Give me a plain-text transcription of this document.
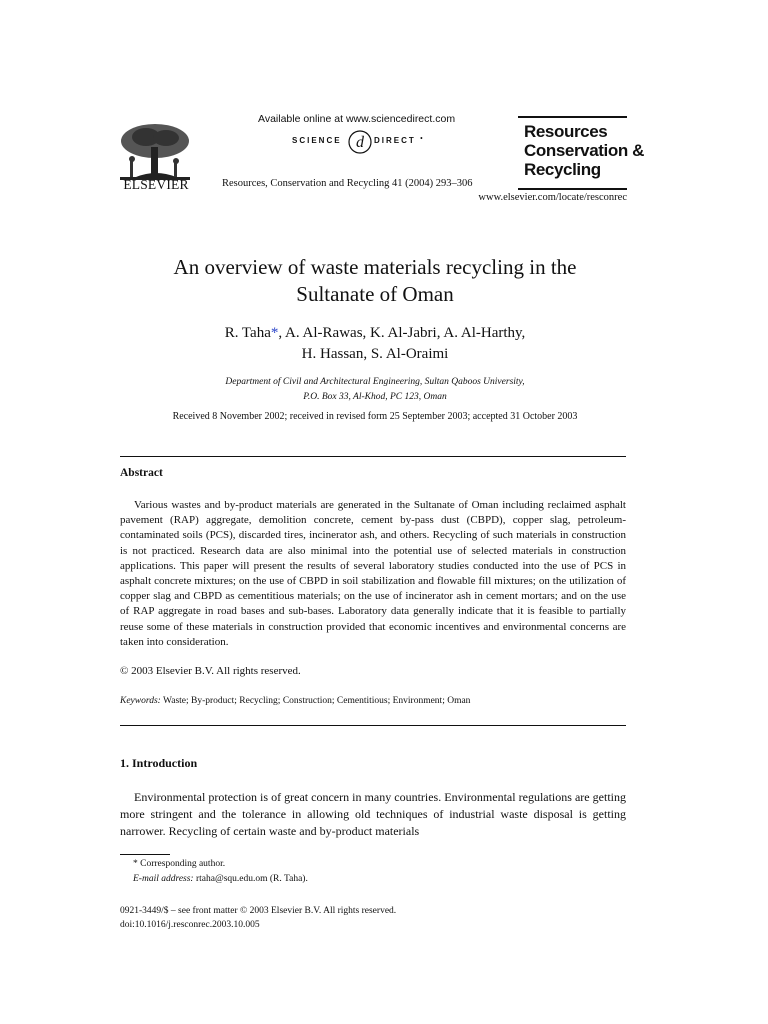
ELSEVIER
Available online at www.sciencedirect.com
d
SCIENCE	DIRECT •
Resources, Conservation and Recycling 41 (2004) 293–306
Resources
Conservation &
Recycling
www.elsevier.com/locate/resconrec
An overview of waste materials recycling in the
Sultanate of Oman
R. Taha*, A. Al-Rawas, K. Al-Jabri, A. Al-Harthy,
H. Hassan, S. Al-Oraimi
Department of Civil and Architectural Engineering, Sultan Qaboos University,
P.O. Box 33, Al-Khod, PC 123, Oman
Received 8 November 2002; received in revised form 25 September 2003; accepted 31 October 2003
Abstract

Various wastes and by-product materials are generated in the Sultanate of Oman including reclaimed asphalt pavement (RAP) aggregate, demolition concrete, cement by-pass dust (CBPD), copper slag, petroleum-contaminated soils (PCS), discarded tires, incinerator ash, and others. Recycling of such materials in construction is not practiced. Research data are also minimal into the potential use of selected materials in construction applications. This paper will present the results of several laboratory studies conducted into the use of PCS in asphalt concrete mixtures; on the use of CBPD in soil stabilization and flowable fill mixtures; on the utilization of copper slag and CBPD as cementitious materials; on the use of incinerator ash in cement mortars; and on the use of RAP aggregate in road bases and sub-bases. Laboratory data generally indicate that it is feasible to partially reuse some of these materials in construction provided that economic incentives and environmental concerns are taken into consideration.

© 2003 Elsevier B.V. All rights reserved.
Keywords: Waste; By-product; Recycling; Construction; Cementitious; Environment; Oman
1. Introduction

Environmental protection is of great concern in many countries. Environmental regulations are getting more stringent and the tolerance in allowing old techniques of industrial waste disposal is getting narrower. Recycling of certain waste and by-product materials

* Corresponding author.
E-mail address: rtaha@squ.edu.om (R. Taha).
0921-3449/$ – see front matter © 2003 Elsevier B.V. All rights reserved.
doi:10.1016/j.resconrec.2003.10.005
